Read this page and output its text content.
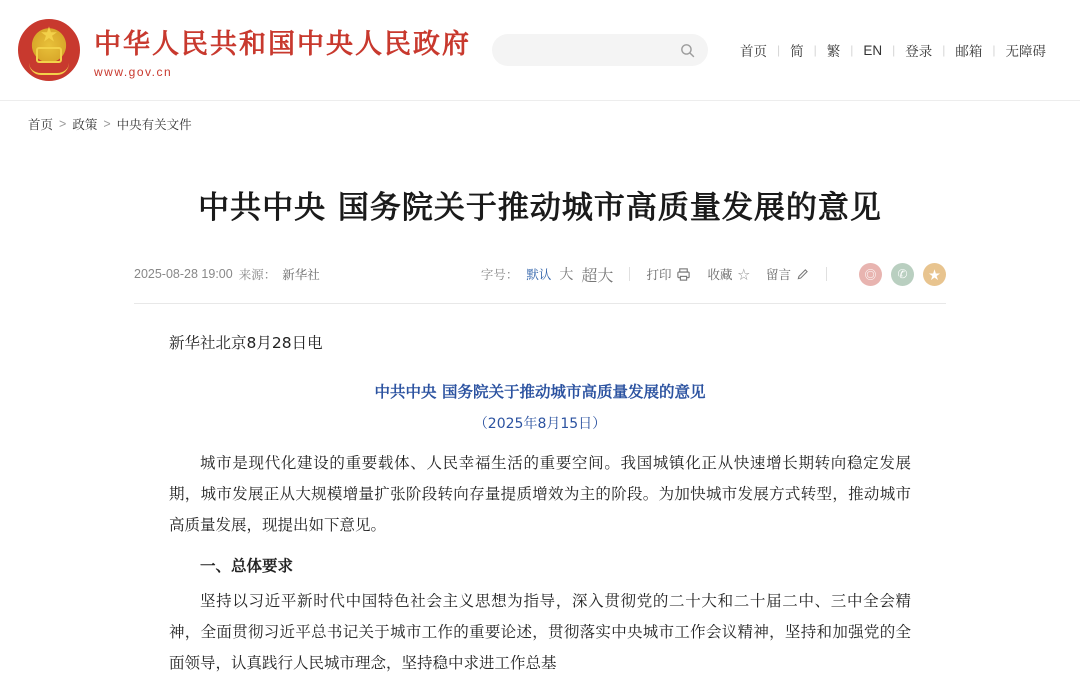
★ 中华人民共和国中央人民政府
www.gov.cn
首页 | 简 | 繁 | EN | 登录 | 邮箱 | 无障碍
首页 > 政策 > 中央有关文件
中共中央 国务院关于推动城市高质量发展的意见
2025-08-28 19:00 来源： 新华社	字号： 默认 大 超大	打印	收藏 ☆ 留言	◎	✆	★

新华社北京8月28日电

中共中央 国务院关于推动城市高质量发展的意见

（2025年8月15日）

城市是现代化建设的重要载体、人民幸福生活的重要空间。我国城镇化正从快速增长期转向稳定发展期，城市发展正从大规模增量扩张阶段转向存量提质增效为主的阶段。为加快城市发展方式转型，推动城市高质量发展，现提出如下意见。

一、总体要求

坚持以习近平新时代中国特色社会主义思想为指导，深入贯彻党的二十大和二十届二中、三中全会精神，全面贯彻习近平总书记关于城市工作的重要论述，贯彻落实中央城市工作会议精神，坚持和加强党的全面领导，认真践行人民城市理念，坚持稳中求进工作总基
